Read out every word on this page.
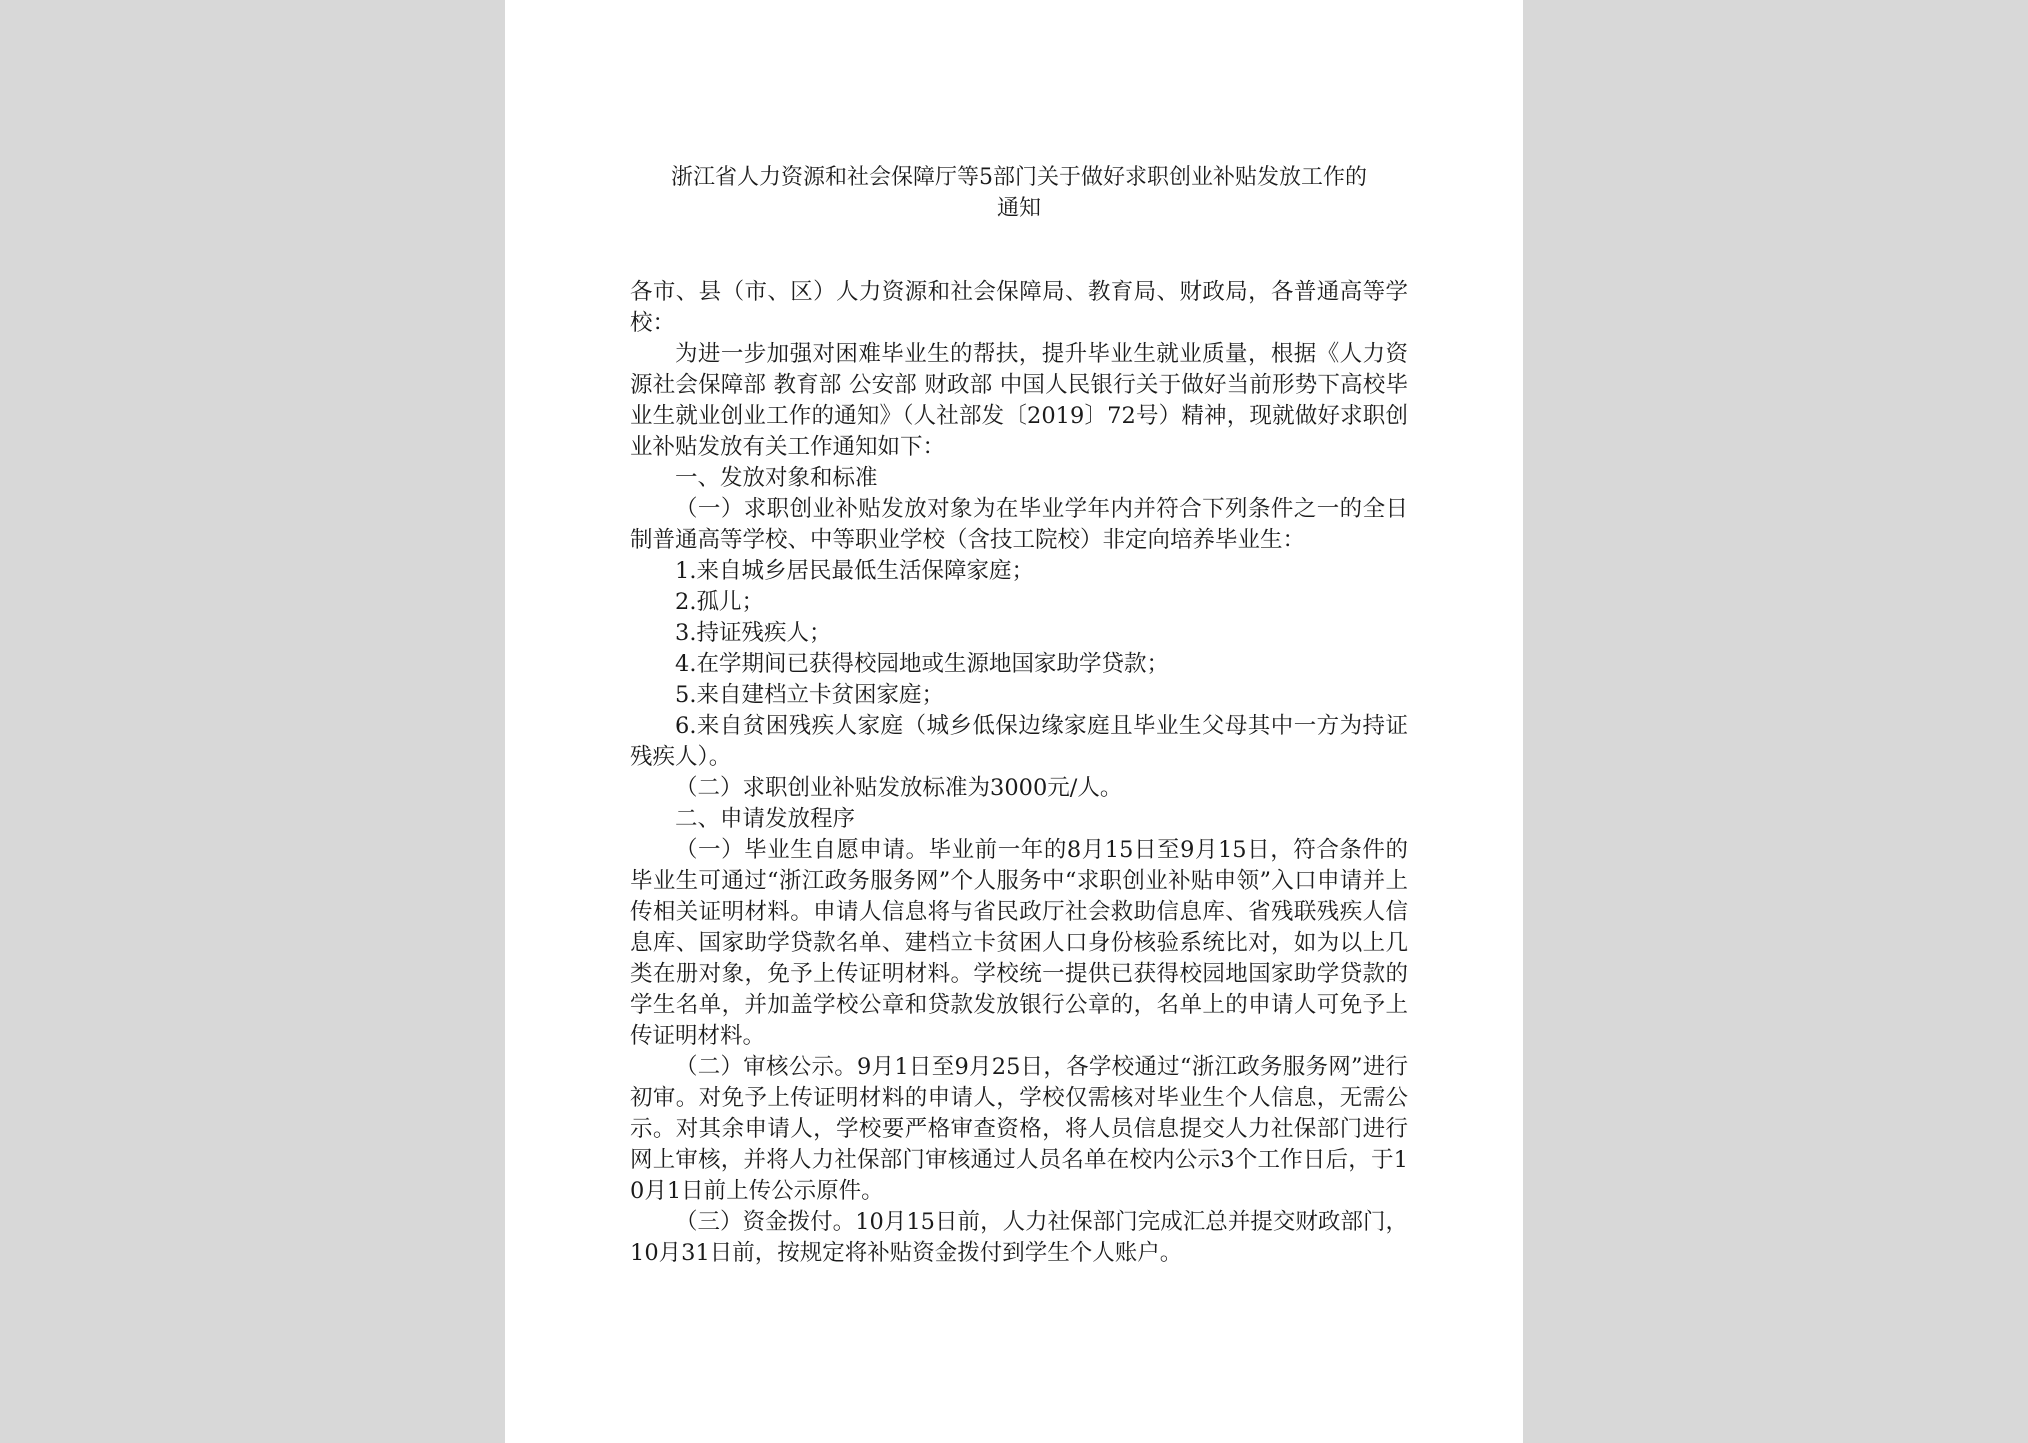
浙江省人力资源和社会保障厅等5部门关于做好求职创业补贴发放工作的
通知

各市、县（市、区）人力资源和社会保障局、教育局、财政局，各普通高等学校：

为进一步加强对困难毕业生的帮扶，提升毕业生就业质量，根据《人力资源社会保障部 教育部 公安部 财政部 中国人民银行关于做好当前形势下高校毕业生就业创业工作的通知》（人社部发〔2019〕72号）精神，现就做好求职创业补贴发放有关工作通知如下：

一、发放对象和标准

（一）求职创业补贴发放对象为在毕业学年内并符合下列条件之一的全日制普通高等学校、中等职业学校（含技工院校）非定向培养毕业生：

1.来自城乡居民最低生活保障家庭；

2.孤儿；

3.持证残疾人；

4.在学期间已获得校园地或生源地国家助学贷款；

5.来自建档立卡贫困家庭；

6.来自贫困残疾人家庭（城乡低保边缘家庭且毕业生父母其中一方为持证残疾人）。

（二）求职创业补贴发放标准为3000元/人。

二、申请发放程序

（一）毕业生自愿申请。毕业前一年的8月15日至9月15日，符合条件的毕业生可通过“浙江政务服务网”个人服务中“求职创业补贴申领”入口申请并上传相关证明材料。申请人信息将与省民政厅社会救助信息库、省残联残疾人信息库、国家助学贷款名单、建档立卡贫困人口身份核验系统比对，如为以上几类在册对象，免予上传证明材料。学校统一提供已获得校园地国家助学贷款的学生名单，并加盖学校公章和贷款发放银行公章的，名单上的申请人可免予上传证明材料。

（二）审核公示。9月1日至9月25日，各学校通过“浙江政务服务网”进行初审。对免予上传证明材料的申请人，学校仅需核对毕业生个人信息，无需公示。对其余申请人，学校要严格审查资格，将人员信息提交人力社保部门进行网上审核，并将人力社保部门审核通过人员名单在校内公示3个工作日后，于10月1日前上传公示原件。

（三）资金拨付。10月15日前，人力社保部门完成汇总并提交财政部门，10月31日前，按规定将补贴资金拨付到学生个人账户。
